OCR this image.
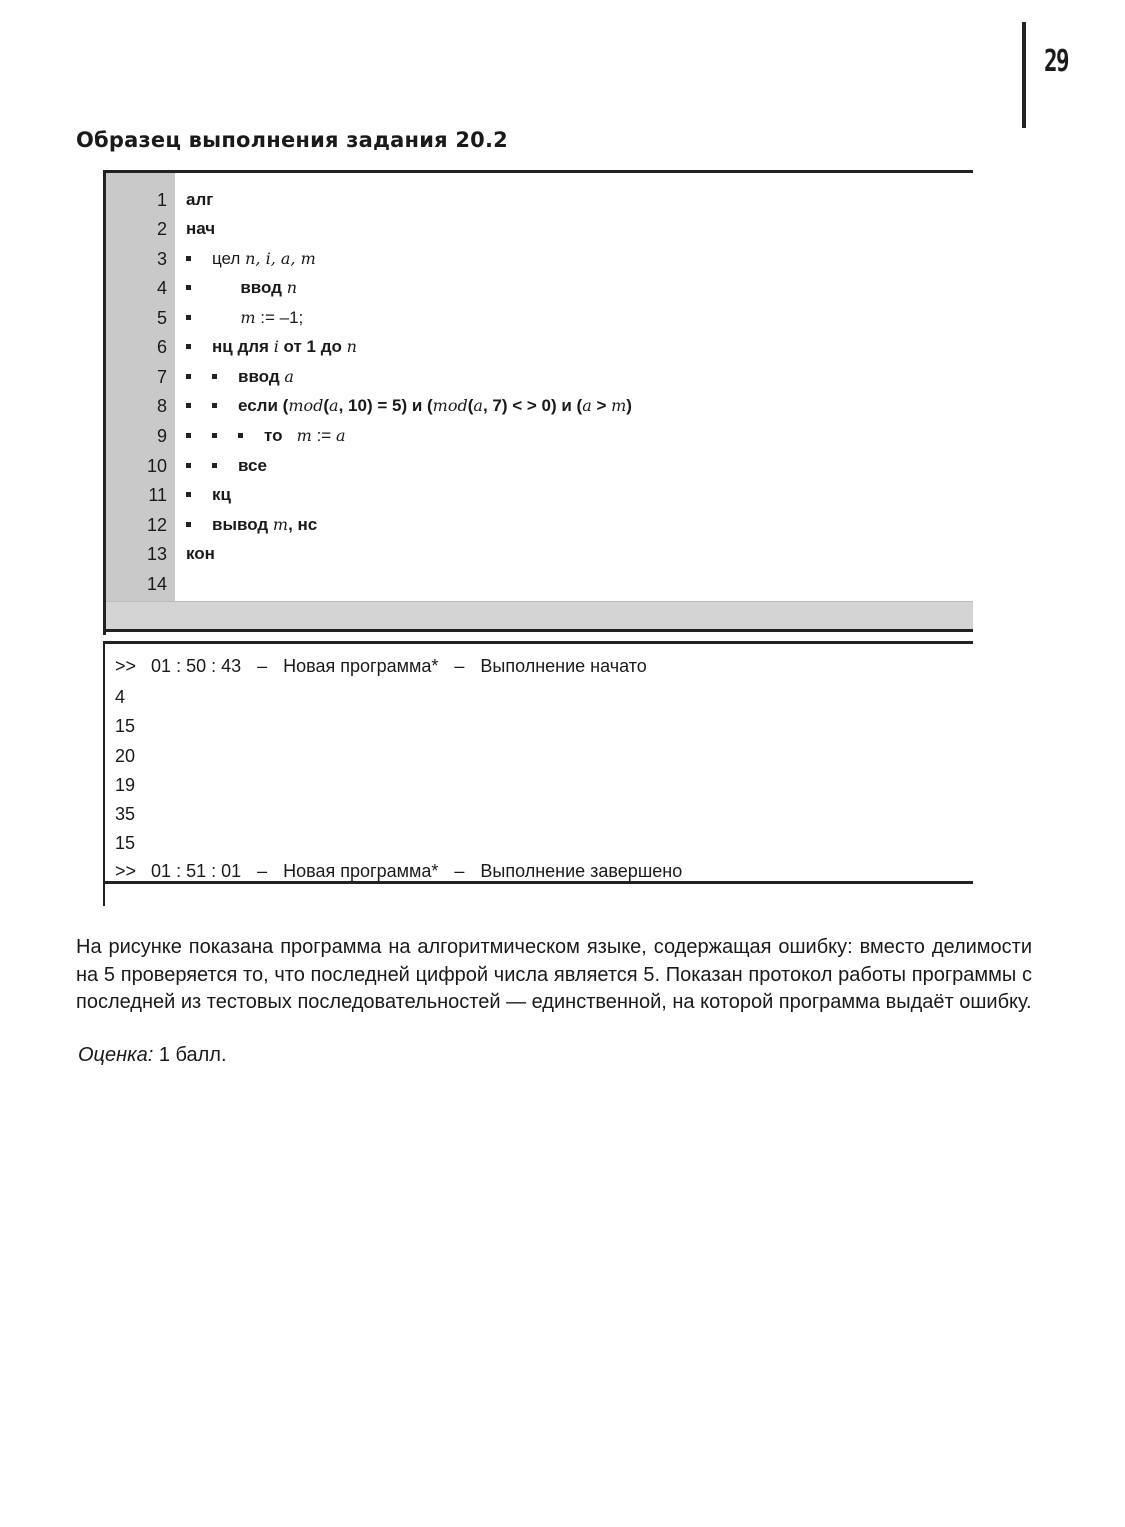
29
Образец выполнения задания 20.2
1 алг
2 нач
3	цел n, i, a, m
4	ввод n
5	m := –1;
6	нц для i от 1 до n
7	ввод a
8	если (mod(a, 10) = 5) и (mod(a, 7) < > 0) и (a > m)
9	то m := a
10	все
11	кц
12	вывод m, нс
13 кон
14
>> 01 : 50 : 43 – Новая программа* – Выполнение начато
4
15
20
19
35
15
>> 01 : 51 : 01 – Новая программа* – Выполнение завершено

На рисунке показана программа на алгоритмическом языке, содержащая ошибку: вместо делимости на 5 проверяется то, что последней цифрой числа является 5. Показан протокол работы программы с последней из тестовых последовательностей — единственной, на которой программа выдаёт ошибку.

Оценка: 1 балл.
